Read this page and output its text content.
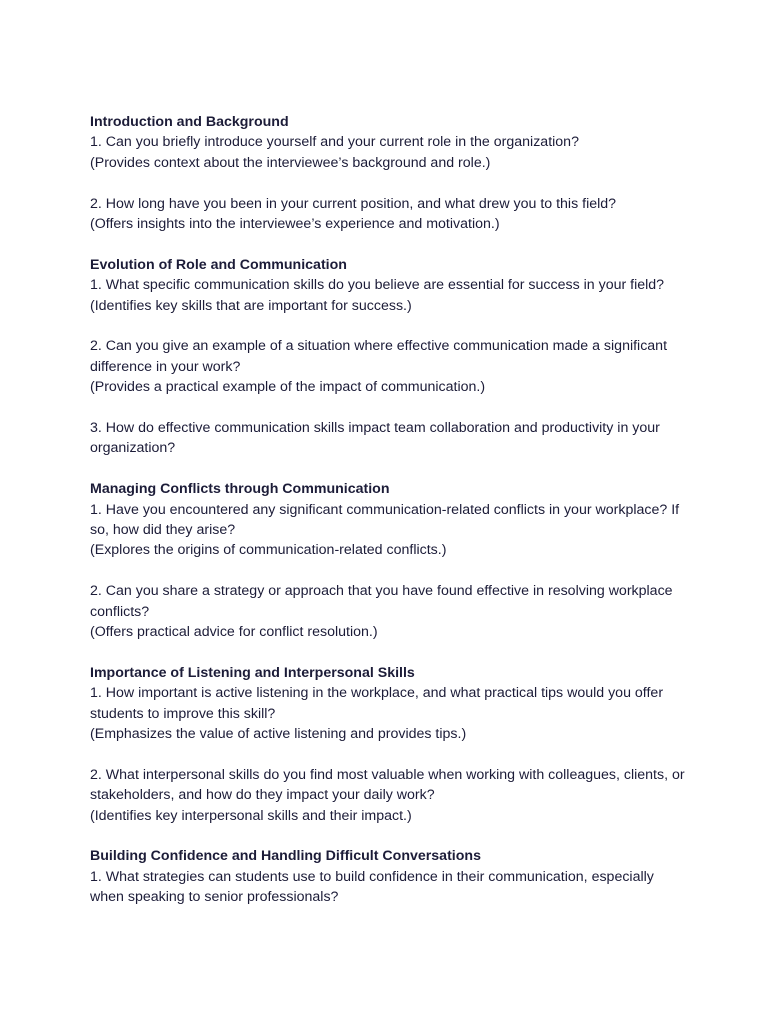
Introduction and Background

1. Can you briefly introduce yourself and your current role in the organization?

(Provides context about the interviewee’s background and role.)

2. How long have you been in your current position, and what drew you to this field?

(Offers insights into the interviewee’s experience and motivation.)

Evolution of Role and Communication

1. What specific communication skills do you believe are essential for success in your field?

(Identifies key skills that are important for success.)

2. Can you give an example of a situation where effective communication made a significant difference in your work?

(Provides a practical example of the impact of communication.)

3. How do effective communication skills impact team collaboration and productivity in your organization?

Managing Conflicts through Communication

1. Have you encountered any significant communication-related conflicts in your workplace? If so, how did they arise?

(Explores the origins of communication-related conflicts.)

2. Can you share a strategy or approach that you have found effective in resolving workplace conflicts?

(Offers practical advice for conflict resolution.)

Importance of Listening and Interpersonal Skills

1. How important is active listening in the workplace, and what practical tips would you offer students to improve this skill?

(Emphasizes the value of active listening and provides tips.)

2. What interpersonal skills do you find most valuable when working with colleagues, clients, or stakeholders, and how do they impact your daily work?

(Identifies key interpersonal skills and their impact.)

Building Confidence and Handling Difficult Conversations

1. What strategies can students use to build confidence in their communication, especially when speaking to senior professionals?
